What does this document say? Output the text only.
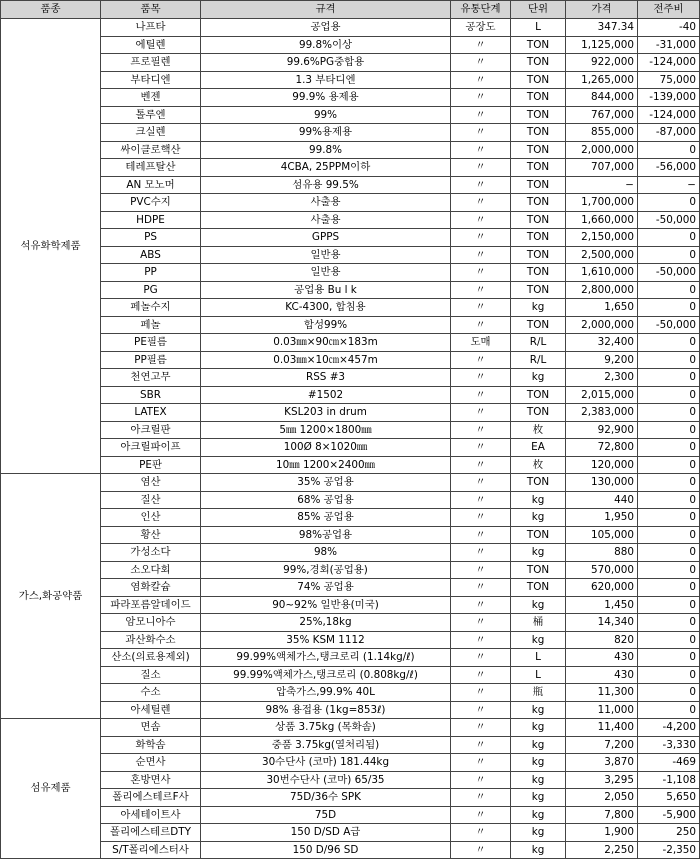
품종	품목	규격	유통단계	단위	가격	전주비
석유화학제품	나프타	공업용	공장도	L	347.34	-40
	에틸렌	99.8%이상	〃	TON	1,125,000	-31,000
	프로필렌	99.6%PG중합용	〃	TON	922,000	-124,000
	부타디엔	1.3 부타디엔	〃	TON	1,265,000	75,000
	벤젠	99.9% 용제용	〃	TON	844,000	-139,000
	톨루엔	99%	〃	TON	767,000	-124,000
	크실렌	99%용제용	〃	TON	855,000	-87,000
	싸이클로핵산	99.8%	〃	TON	2,000,000	0
	테레프탈산	4CBA, 25PPM이하	〃	TON	707,000	-56,000
	AN 모노머	섬유용 99.5%	〃	TON	−	−
	PVC수지	사출용	〃	TON	1,700,000	0
	HDPE	사출용	〃	TON	1,660,000	-50,000
	PS	GPPS	〃	TON	2,150,000	0
	ABS	일반용	〃	TON	2,500,000	0
	PP	일반용	〃	TON	1,610,000	-50,000
	PG	공업용 Bu l k	〃	TON	2,800,000	0
	페놀수지	KC-4300, 합침용	〃	kg	1,650	0
	페놀	합성99%	〃	TON	2,000,000	-50,000
	PE필름	0.03㎜×90㎝×183m	도매	R/L	32,400	0
	PP필름	0.03㎜×10㎝×457m	〃	R/L	9,200	0
	천연고무	RSS #3	〃	kg	2,300	0
	SBR	#1502	〃	TON	2,015,000	0
	LATEX	KSL203 in drum	〃	TON	2,383,000	0
	아크릴판	5㎜ 1200×1800㎜	〃	枚	92,900	0
	아크릴파이프	100Ø 8×1020㎜	〃	EA	72,800	0
	PE판	10㎜ 1200×2400㎜	〃	枚	120,000	0
가스,화공약품	염산	35% 공업용	〃	TON	130,000	0
	질산	68% 공업용	〃	kg	440	0
	인산	85% 공업용	〃	kg	1,950	0
	황산	98%공업용	〃	TON	105,000	0
	가성소다	98%	〃	kg	880	0
	소오다회	99%,경회(공업용)	〃	TON	570,000	0
	염화칼슘	74% 공업용	〃	TON	620,000	0
	파라포름알데이드	90~92% 일반용(미국)	〃	kg	1,450	0
	암모니아수	25%,18kg	〃	桶	14,340	0
	과산화수소	35% KSM 1112	〃	kg	820	0
	산소(의료용제외)	99.99%액체가스,탱크로리 (1.14kg/ℓ)	〃	L	430	0
	질소	99.99%액체가스,탱크로리 (0.808kg/ℓ)	〃	L	430	0
	수소	압축가스,99.9% 40L	〃	瓶	11,300	0
	아세틸렌	98% 용접용 (1kg=853ℓ)	〃	kg	11,000	0
섬유제품	면솜	상품 3.75kg (목화솜)	〃	kg	11,400	-4,200
	화학솜	중품 3.75kg(열처리됨)	〃	kg	7,200	-3,330
	순면사	30수단사 (코마) 181.44kg	〃	kg	3,870	-469
	혼방면사	30번수단사 (코마) 65/35	〃	kg	3,295	-1,108
	폴리에스테르F사	75D/36수 SPK	〃	kg	2,050	5,650
	아세테이트사	75D	〃	kg	7,800	-5,900
	폴리에스테르DTY	150 D/SD A급	〃	kg	1,900	250
	S/T폴리에스터사	150 D/96 SD	〃	kg	2,250	-2,350
